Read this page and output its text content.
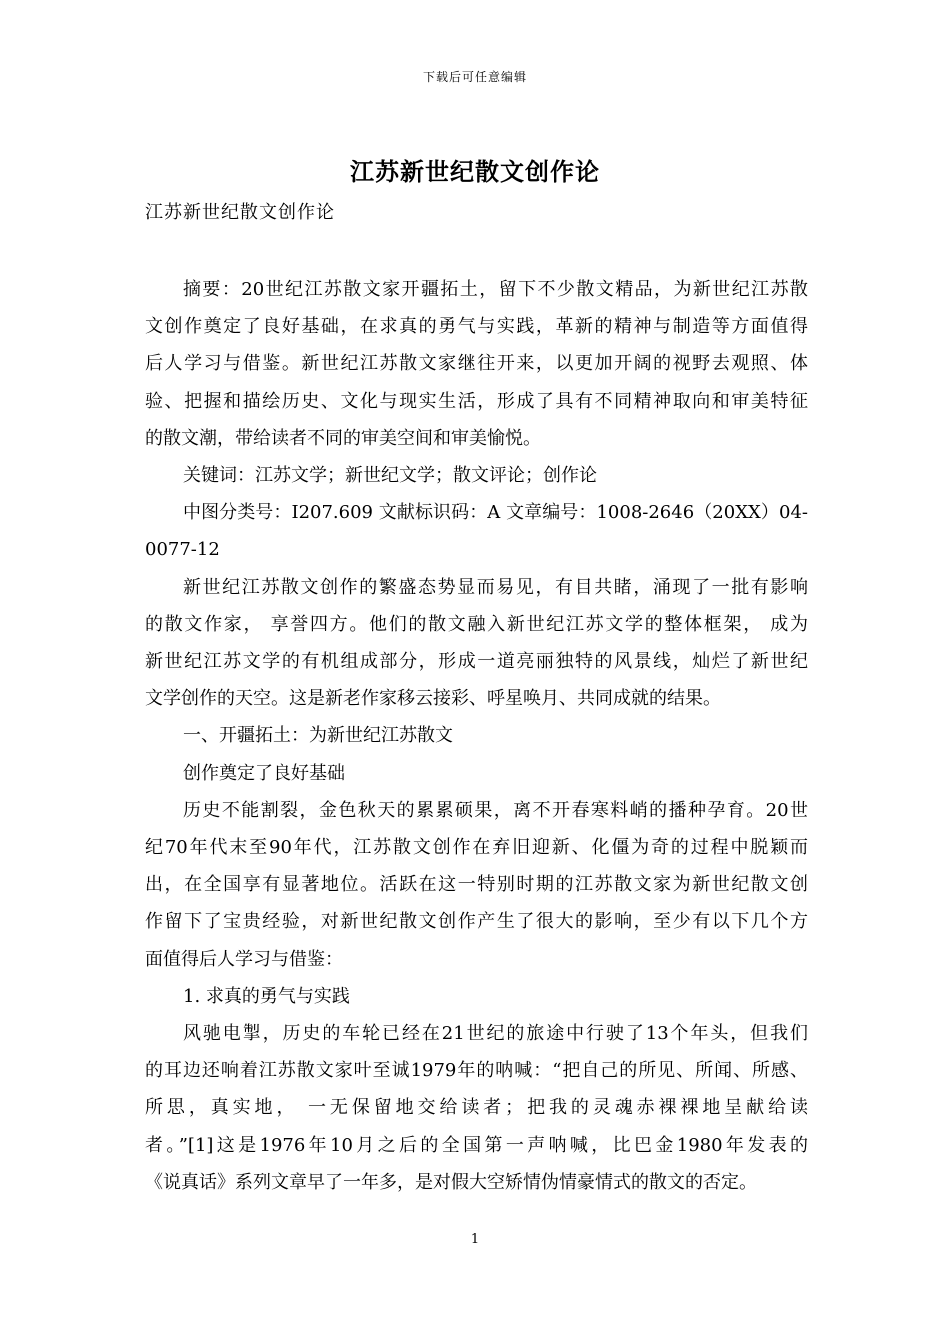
下载后可任意编辑
江苏新世纪散文创作论
江苏新世纪散文创作论
摘要：20世纪江苏散文家开疆拓土，留下不少散文精品，为新世纪江苏散
文创作奠定了良好基础，在求真的勇气与实践，革新的精神与制造等方面值得
后人学习与借鉴。新世纪江苏散文家继往开来，以更加开阔的视野去观照、体
验、把握和描绘历史、文化与现实生活，形成了具有不同精神取向和审美特征
的散文潮，带给读者不同的审美空间和审美愉悦。
关键词：江苏文学；新世纪文学；散文评论；创作论
中图分类号：I207.609 文献标识码：A 文章编号：1008-2646（20XX）04-
0077-12
新世纪江苏散文创作的繁盛态势显而易见，有目共睹，涌现了一批有影响
的散文作家， 享誉四方。他们的散文融入新世纪江苏文学的整体框架， 成为
新世纪江苏文学的有机组成部分，形成一道亮丽独特的风景线，灿烂了新世纪
文学创作的天空。这是新老作家移云接彩、呼星唤月、共同成就的结果。
一、开疆拓土：为新世纪江苏散文
创作奠定了良好基础
历史不能割裂，金色秋天的累累硕果，离不开春寒料峭的播种孕育。20世
纪70年代末至90年代，江苏散文创作在弃旧迎新、化僵为奇的过程中脱颖而
出，在全国享有显著地位。活跃在这一特别时期的江苏散文家为新世纪散文创
作留下了宝贵经验，对新世纪散文创作产生了很大的影响，至少有以下几个方
面值得后人学习与借鉴：
1. 求真的勇气与实践
风驰电掣，历史的车轮已经在21世纪的旅途中行驶了13个年头，但我们
的耳边还响着江苏散文家叶至诚1979年的呐喊：“把自己的所见、所闻、所感、
所思，真实地， 一无保留地交给读者；把我的灵魂赤裸裸地呈献给读
者。”[1]这是1976年10月之后的全国第一声呐喊，比巴金1980年发表的
《说真话》系列文章早了一年多，是对假大空矫情伪情豪情式的散文的否定。
1
